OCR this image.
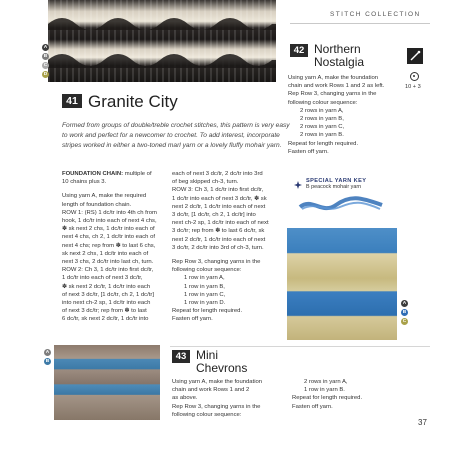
STITCH COLLECTION
A
B
C
D
41 Granite City
Formed from groups of double/treble crochet stitches, this pattern is very easy to work and perfect for a newcomer to crochet. To add interest, incorporate stripes worked in either a two-toned marl yarn or a lovely fluffy mohair yarn.

FOUNDATION CHAIN: multiple of

10 chains plus 3.

Using yarn A, make the required

length of foundation chain.

ROW 1: (RS) 1 dc/tr into 4th ch from

hook, 1 dc/tr into each of next 4 chs,

✽ sk next 2 chs, 1 dc/tr into each of

next 4 chs, ch 2, 1 dc/tr into each of

next 4 chs; rep from ✽ to last 6 chs,

sk next 2 chs, 1 dc/tr into each of

next 3 chs, 2 dc/tr into last ch, turn.

ROW 2: Ch 3, 1 dc/tr into first dc/tr,

1 dc/tr into each of next 3 dc/tr,

✽ sk next 2 dc/tr, 1 dc/tr into each

of next 3 dc/tr, [1 dc/tr, ch 2, 1 dc/tr]

into next ch-2 sp, 1 dc/tr into each

of next 3 dc/tr; rep from ✽ to last

6 dc/tr, sk next 2 dc/tr, 1 dc/tr into

each of next 3 dc/tr, 2 dc/tr into 3rd

of beg skipped ch-3, turn.

ROW 3: Ch 3, 1 dc/tr into first dc/tr,

1 dc/tr into each of next 3 dc/tr, ✽ sk

next 2 dc/tr, 1 dc/tr into each of next

3 dc/tr, [1 dc/tr, ch 2, 1 dc/tr] into

next ch-2 sp, 1 dc/tr into each of next

3 dc/tr; rep from ✽ to last 6 dc/tr, sk

next 2 dc/tr, 1 dc/tr into each of next

3 dc/tr, 2 dc/tr into 3rd of ch-3, turn.

Rep Row 3, changing yarns in the

following colour sequence:

1 row in yarn A,

1 row in yarn B,

1 row in yarn C,

1 row in yarn D.

Repeat for length required.

Fasten off yarn.

42 Northern
Nostalgia
10 + 3

Using yarn A, make the foundation

chain and work Rows 1 and 2 as left.

Rep Row 3, changing yarns in the

following colour sequence:

2 rows in yarn A,

2 rows in yarn B,

2 rows in yarn C,

2 rows in yarn B.

Repeat for length required.

Fasten off yarn.

SPECIAL YARN KEY
B peacock mohair yarn
A
B
C
A
B	43 Mini
Chevrons

Using yarn A, make the foundation

chain and work Rows 1 and 2

as above.

Rep Row 3, changing yarns in the

following colour sequence:

2 rows in yarn A,

1 row in yarn B.

Repeat for length required.

Fasten off yarn.

37
